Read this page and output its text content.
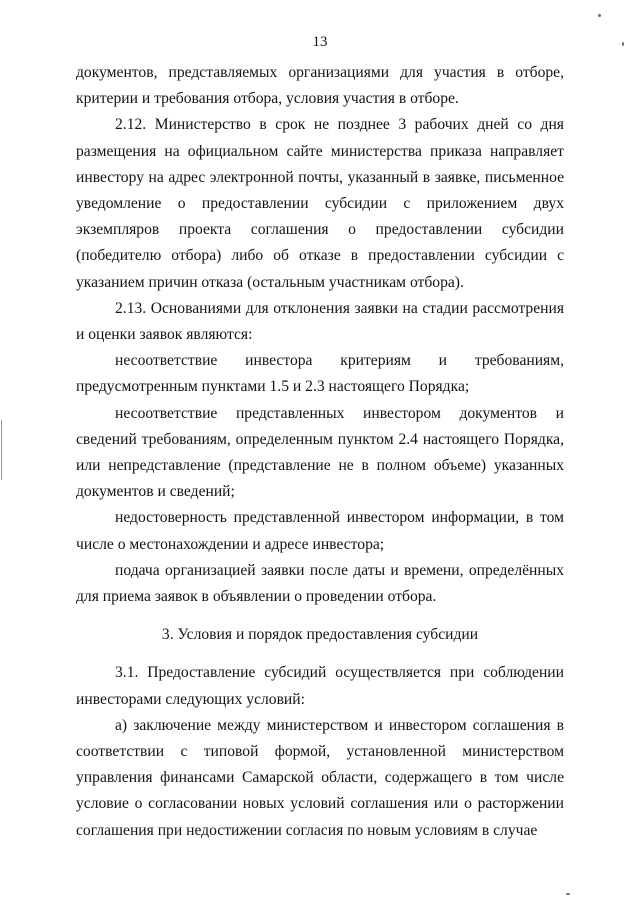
13

документов, представляемых организациями для участия в отборе, критерии и требования отбора, условия участия в отборе.

2.12. Министерство в срок не позднее 3 рабочих дней со дня размещения на официальном сайте министерства приказа направляет инвестору на адрес электронной почты, указанный в заявке, письменное уведомление о предоставлении субсидии с приложением двух экземпляров проекта соглашения о предоставлении субсидии (победителю отбора) либо об отказе в предоставлении субсидии с указанием причин отказа (остальным участникам отбора).

2.13. Основаниями для отклонения заявки на стадии рассмотрения и оценки заявок являются:

несоответствие инвестора критериям и требованиям, предусмотренным пунктами 1.5 и 2.3 настоящего Порядка;

несоответствие представленных инвестором документов и сведений требованиям, определенным пунктом 2.4 настоящего Порядка, или непредставление (представление не в полном объеме) указанных документов и сведений;

недостоверность представленной инвестором информации, в том числе о местонахождении и адресе инвестора;

подача организацией заявки после даты и времени, определённых для приема заявок в объявлении о проведении отбора.

3. Условия и порядок предоставления субсидии

3.1. Предоставление субсидий осуществляется при соблюдении инвесторами следующих условий:

а) заключение между министерством и инвестором соглашения в соответствии с типовой формой, установленной министерством управления финансами Самарской области, содержащего в том числе условие о согласовании новых условий соглашения или о расторжении соглашения при недостижении согласия по новым условиям в случае
